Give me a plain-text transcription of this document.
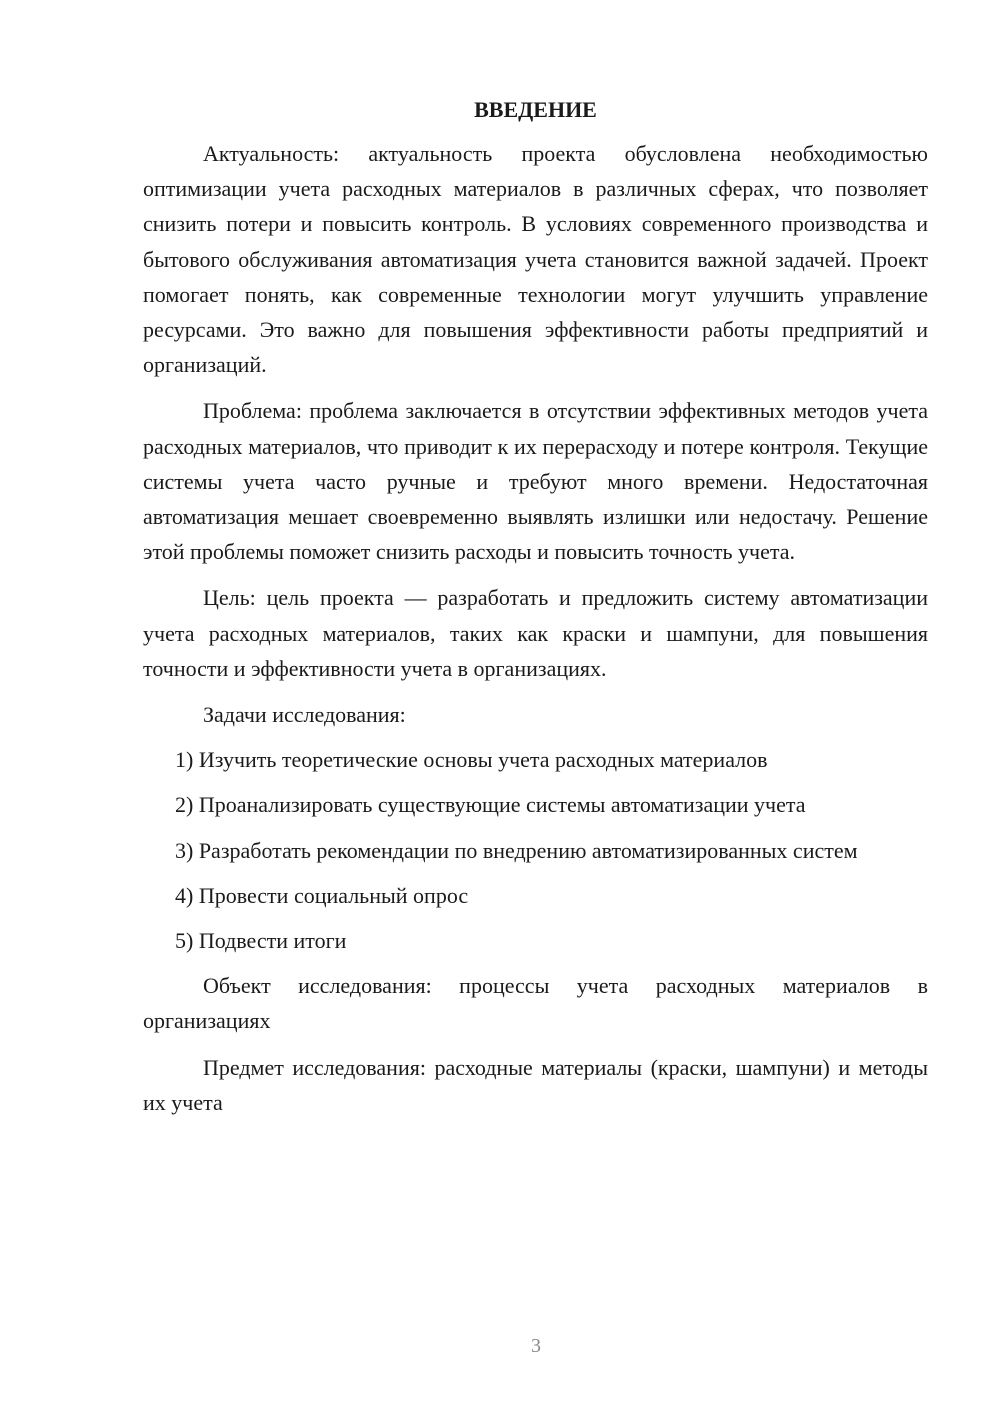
ВВЕДЕНИЕ

Актуальность: актуальность проекта обусловлена необходимостью оптимизации учета расходных материалов в различных сферах, что позволяет снизить потери и повысить контроль. В условиях современного производства и бытового обслуживания автоматизация учета становится важной задачей. Проект помогает понять, как современные технологии могут улучшить управление ресурсами. Это важно для повышения эффективности работы предприятий и организаций.

Проблема: проблема заключается в отсутствии эффективных методов учета расходных материалов, что приводит к их перерасходу и потере контроля. Текущие системы учета часто ручные и требуют много времени. Недостаточная автоматизация мешает своевременно выявлять излишки или недостачу. Решение этой проблемы поможет снизить расходы и повысить точность учета.

Цель: цель проекта — разработать и предложить систему автоматизации учета расходных материалов, таких как краски и шампуни, для повышения точности и эффективности учета в организациях.

Задачи исследования:

1) Изучить теоретические основы учета расходных материалов

2) Проанализировать существующие системы автоматизации учета

3) Разработать рекомендации по внедрению автоматизированных систем

4) Провести социальный опрос

5) Подвести итоги

Объект исследования: процессы учета расходных материалов в организациях

Предмет исследования: расходные материалы (краски, шампуни) и методы их учета

3
